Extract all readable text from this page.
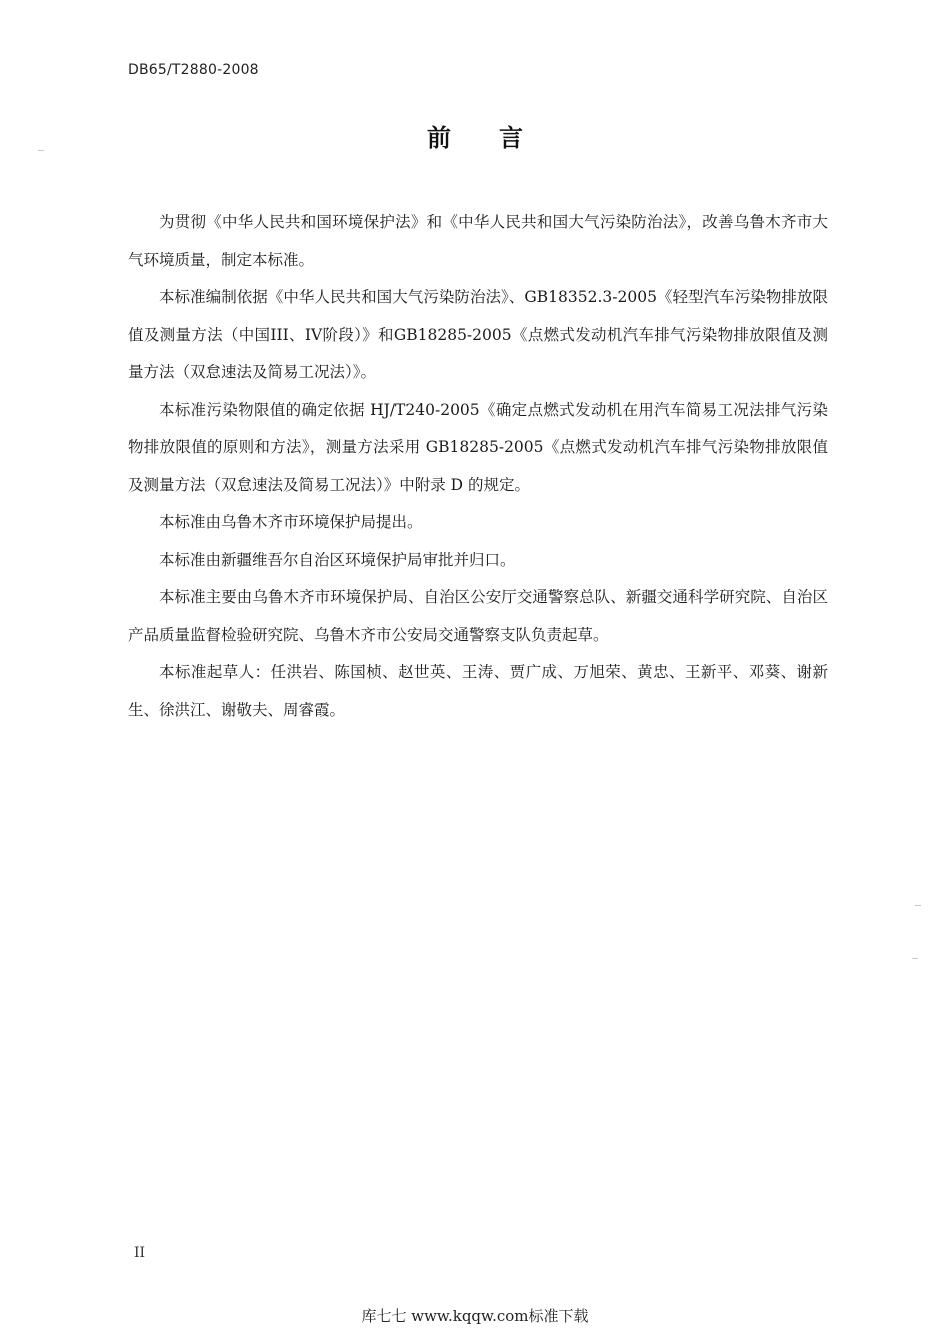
DB65/T2880-2008
前言

为贯彻《中华人民共和国环境保护法》和《中华人民共和国大气污染防治法》，改善乌鲁木齐市大气环境质量，制定本标准。

本标准编制依据《中华人民共和国大气污染防治法》、GB18352.3-2005《轻型汽车污染物排放限值及测量方法（中国III、IV阶段）》和GB18285-2005《点燃式发动机汽车排气污染物排放限值及测量方法（双怠速法及简易工况法）》。

本标准污染物限值的确定依据 HJ/T240-2005《确定点燃式发动机在用汽车简易工况法排气污染物排放限值的原则和方法》，测量方法采用 GB18285-2005《点燃式发动机汽车排气污染物排放限值及测量方法（双怠速法及简易工况法）》中附录 D 的规定。

本标准由乌鲁木齐市环境保护局提出。

本标准由新疆维吾尔自治区环境保护局审批并归口。

本标准主要由乌鲁木齐市环境保护局、自治区公安厅交通警察总队、新疆交通科学研究院、自治区产品质量监督检验研究院、乌鲁木齐市公安局交通警察支队负责起草。

本标准起草人：任洪岩、陈国桢、赵世英、王涛、贾广成、万旭荣、黄忠、王新平、邓葵、谢新生、徐洪江、谢敬夫、周睿霞。

II
库七七 www.kqqw.com标准下载
